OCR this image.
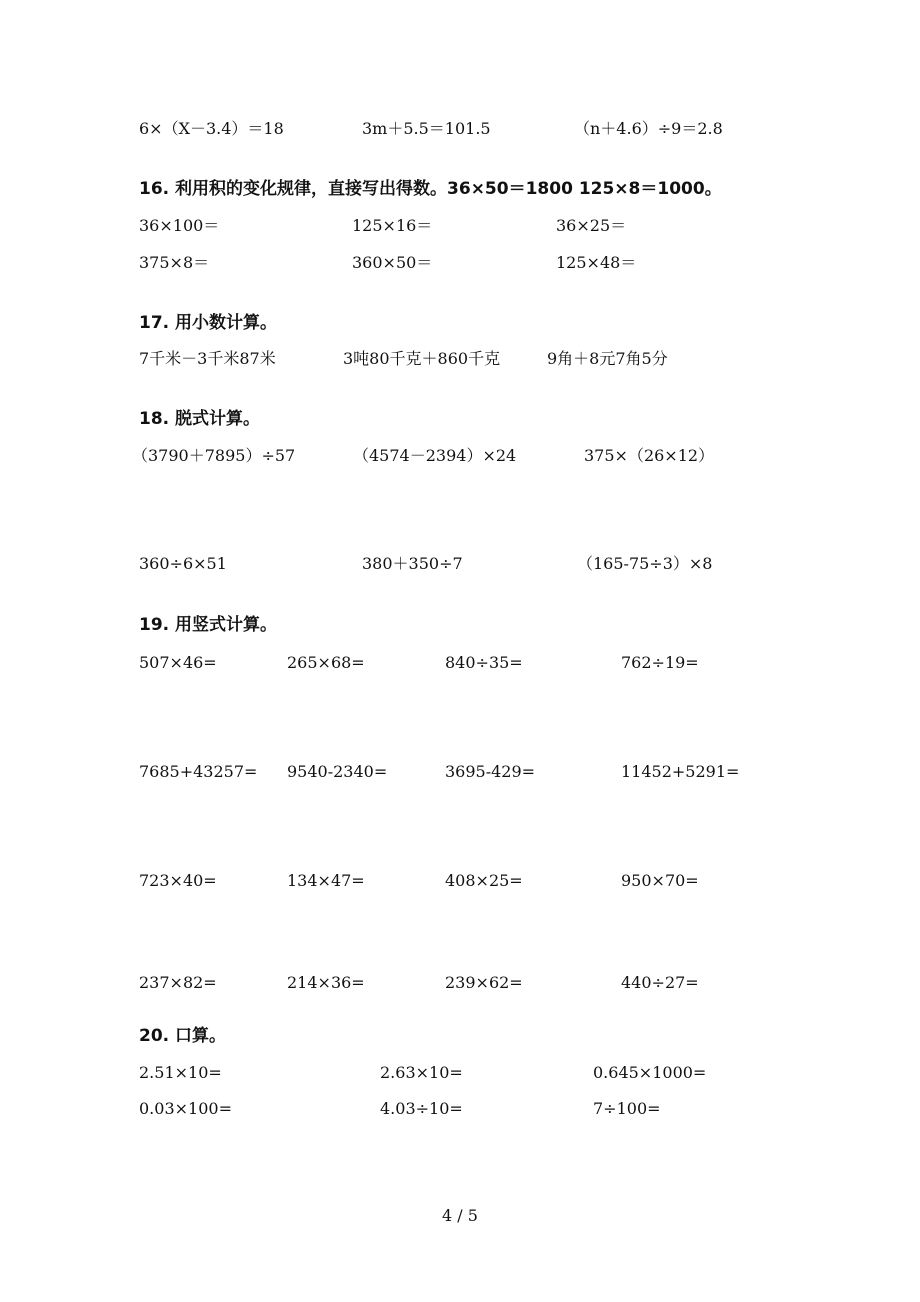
6×（X－3.4）＝18	3m＋5.5＝101.5	（n＋4.6）÷9＝2.8
16. 利用积的变化规律，直接写出得数。36×50＝1800 125×8＝1000。
36×100＝	125×16＝	36×25＝
375×8＝	360×50＝	125×48＝
17. 用小数计算。
7千米－3千米87米	3吨80千克＋860千克	9角＋8元7角5分
18. 脱式计算。
（3790＋7895）÷57	（4574－2394）×24	375×（26×12）
360÷6×51	380＋350÷7	（165-75÷3）×8
19. 用竖式计算。
507×46=	265×68=	840÷35=	762÷19=
7685+43257= 9540-2340=	3695-429=	11452+5291=
723×40=	134×47=	408×25=	950×70=
237×82=	214×36=	239×62=	440÷27=
20. 口算。
2.51×10=	2.63×10=	0.645×1000=
0.03×100=	4.03÷10=	7÷100=
4 / 5
